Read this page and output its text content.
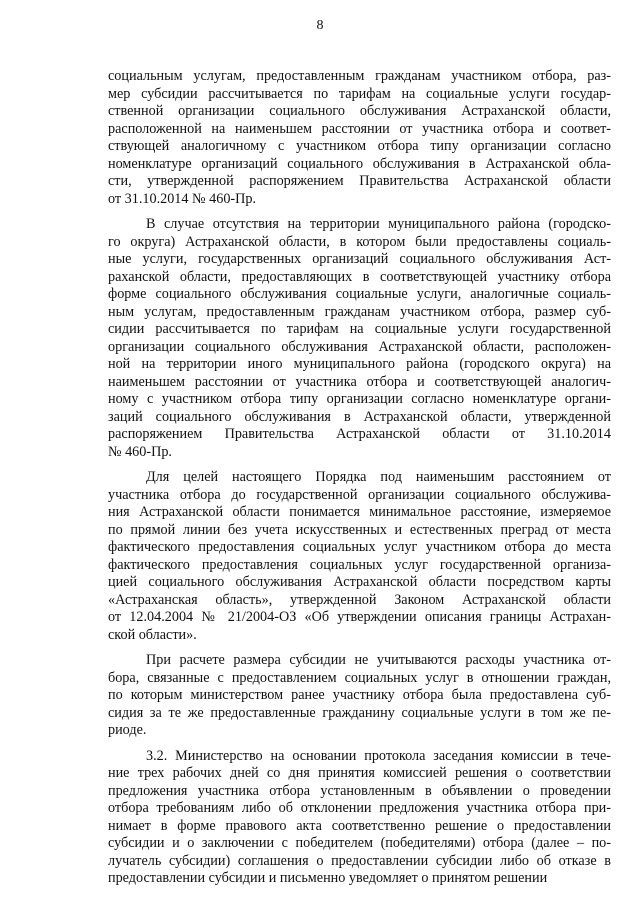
8
социальным услугам, предоставленным гражданам участником отбора, раз-
мер субсидии рассчитывается по тарифам на социальные услуги государ-
ственной организации социального обслуживания Астраханской области,
расположенной на наименьшем расстоянии от участника отбора и соответ-
ствующей аналогичному с участником отбора типу организации согласно
номенклатуре организаций социального обслуживания в Астраханской обла-
сти, утвержденной распоряжением Правительства Астраханской области
от 31.10.2014 № 460-Пр.
В случае отсутствия на территории муниципального района (городско-
го округа) Астраханской области, в котором были предоставлены социаль-
ные услуги, государственных организаций социального обслуживания Аст-
раханской области, предоставляющих в соответствующей участнику отбора
форме социального обслуживания социальные услуги, аналогичные социаль-
ным услугам, предоставленным гражданам участником отбора, размер суб-
сидии рассчитывается по тарифам на социальные услуги государственной
организации социального обслуживания Астраханской области, расположен-
ной на территории иного муниципального района (городского округа) на
наименьшем расстоянии от участника отбора и соответствующей аналогич-
ному с участником отбора типу организации согласно номенклатуре органи-
заций социального обслуживания в Астраханской области, утвержденной
распоряжением Правительства Астраханской области от 31.10.2014
№ 460-Пр.
Для целей настоящего Порядка под наименьшим расстоянием от
участника отбора до государственной организации социального обслужива-
ния Астраханской области понимается минимальное расстояние, измеряемое
по прямой линии без учета искусственных и естественных преград от места
фактического предоставления социальных услуг участником отбора до места
фактического предоставления социальных услуг государственной организа-
цией социального обслуживания Астраханской области посредством карты
«Астраханская область», утвержденной Законом Астраханской области
от 12.04.2004 № 21/2004-ОЗ «Об утверждении описания границы Астрахан-
ской области».
При расчете размера субсидии не учитываются расходы участника от-
бора, связанные с предоставлением социальных услуг в отношении граждан,
по которым министерством ранее участнику отбора была предоставлена суб-
сидия за те же предоставленные гражданину социальные услуги в том же пе-
риоде.
3.2. Министерство на основании протокола заседания комиссии в тече-
ние трех рабочих дней со дня принятия комиссией решения о соответствии
предложения участника отбора установленным в объявлении о проведении
отбора требованиям либо об отклонении предложения участника отбора при-
нимает в форме правового акта соответственно решение о предоставлении
субсидии и о заключении с победителем (победителями) отбора (далее – по-
лучатель субсидии) соглашения о предоставлении субсидии либо об отказе в
предоставлении субсидии и письменно уведомляет о принятом решении
